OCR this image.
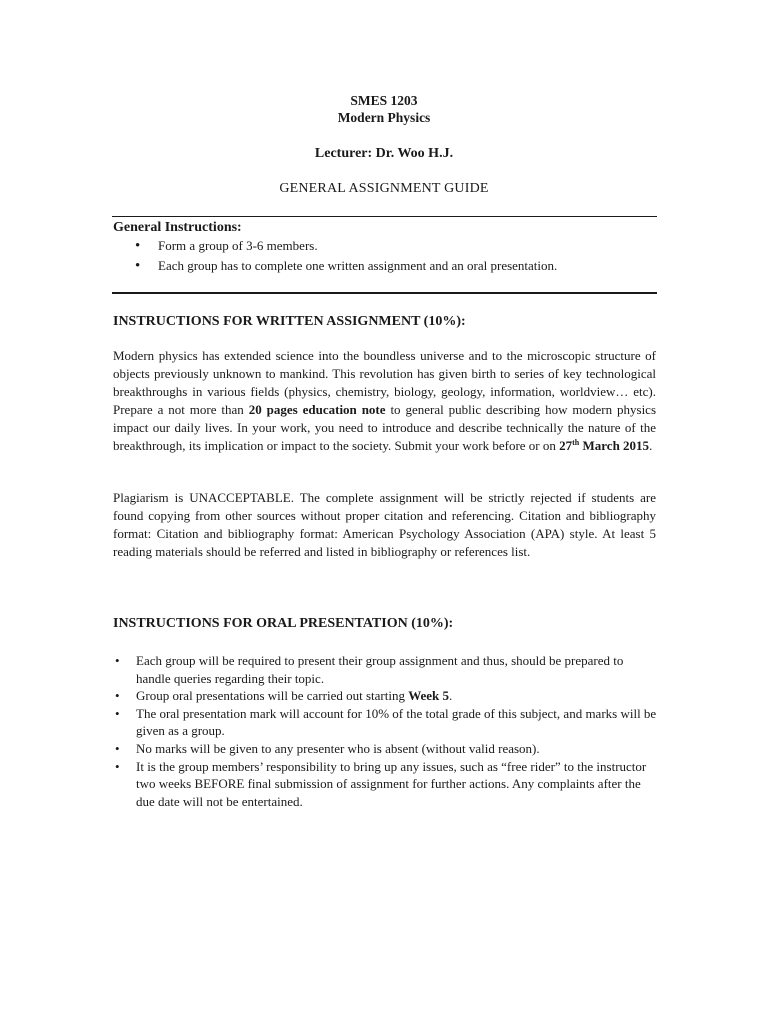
SMES 1203
Modern Physics
Lecturer: Dr. Woo H.J.
GENERAL ASSIGNMENT GUIDE
General Instructions:
• Form a group of 3-6 members.
• Each group has to complete one written assignment and an oral presentation.
INSTRUCTIONS FOR WRITTEN ASSIGNMENT (10%):
Modern physics has extended science into the boundless universe and to the microscopic structure of objects previously unknown to mankind. This revolution has given birth to series of key technological breakthroughs in various fields (physics, chemistry, biology, geology, information, worldview… etc). Prepare a not more than 20 pages education note to general public describing how modern physics impact our daily lives. In your work, you need to introduce and describe technically the nature of the breakthrough, its implication or impact to the society. Submit your work before or on 27th March 2015.
Plagiarism is UNACCEPTABLE. The complete assignment will be strictly rejected if students are found copying from other sources without proper citation and referencing. Citation and bibliography format: Citation and bibliography format: American Psychology Association (APA) style. At least 5 reading materials should be referred and listed in bibliography or references list.
INSTRUCTIONS FOR ORAL PRESENTATION (10%):
• Each group will be required to present their group assignment and thus, should be prepared to handle queries regarding their topic.
• Group oral presentations will be carried out starting Week 5.
• The oral presentation mark will account for 10% of the total grade of this subject, and marks will be given as a group.
• No marks will be given to any presenter who is absent (without valid reason).
• It is the group members’ responsibility to bring up any issues, such as “free rider” to the instructor two weeks BEFORE final submission of assignment for further actions. Any complaints after the due date will not be entertained.
